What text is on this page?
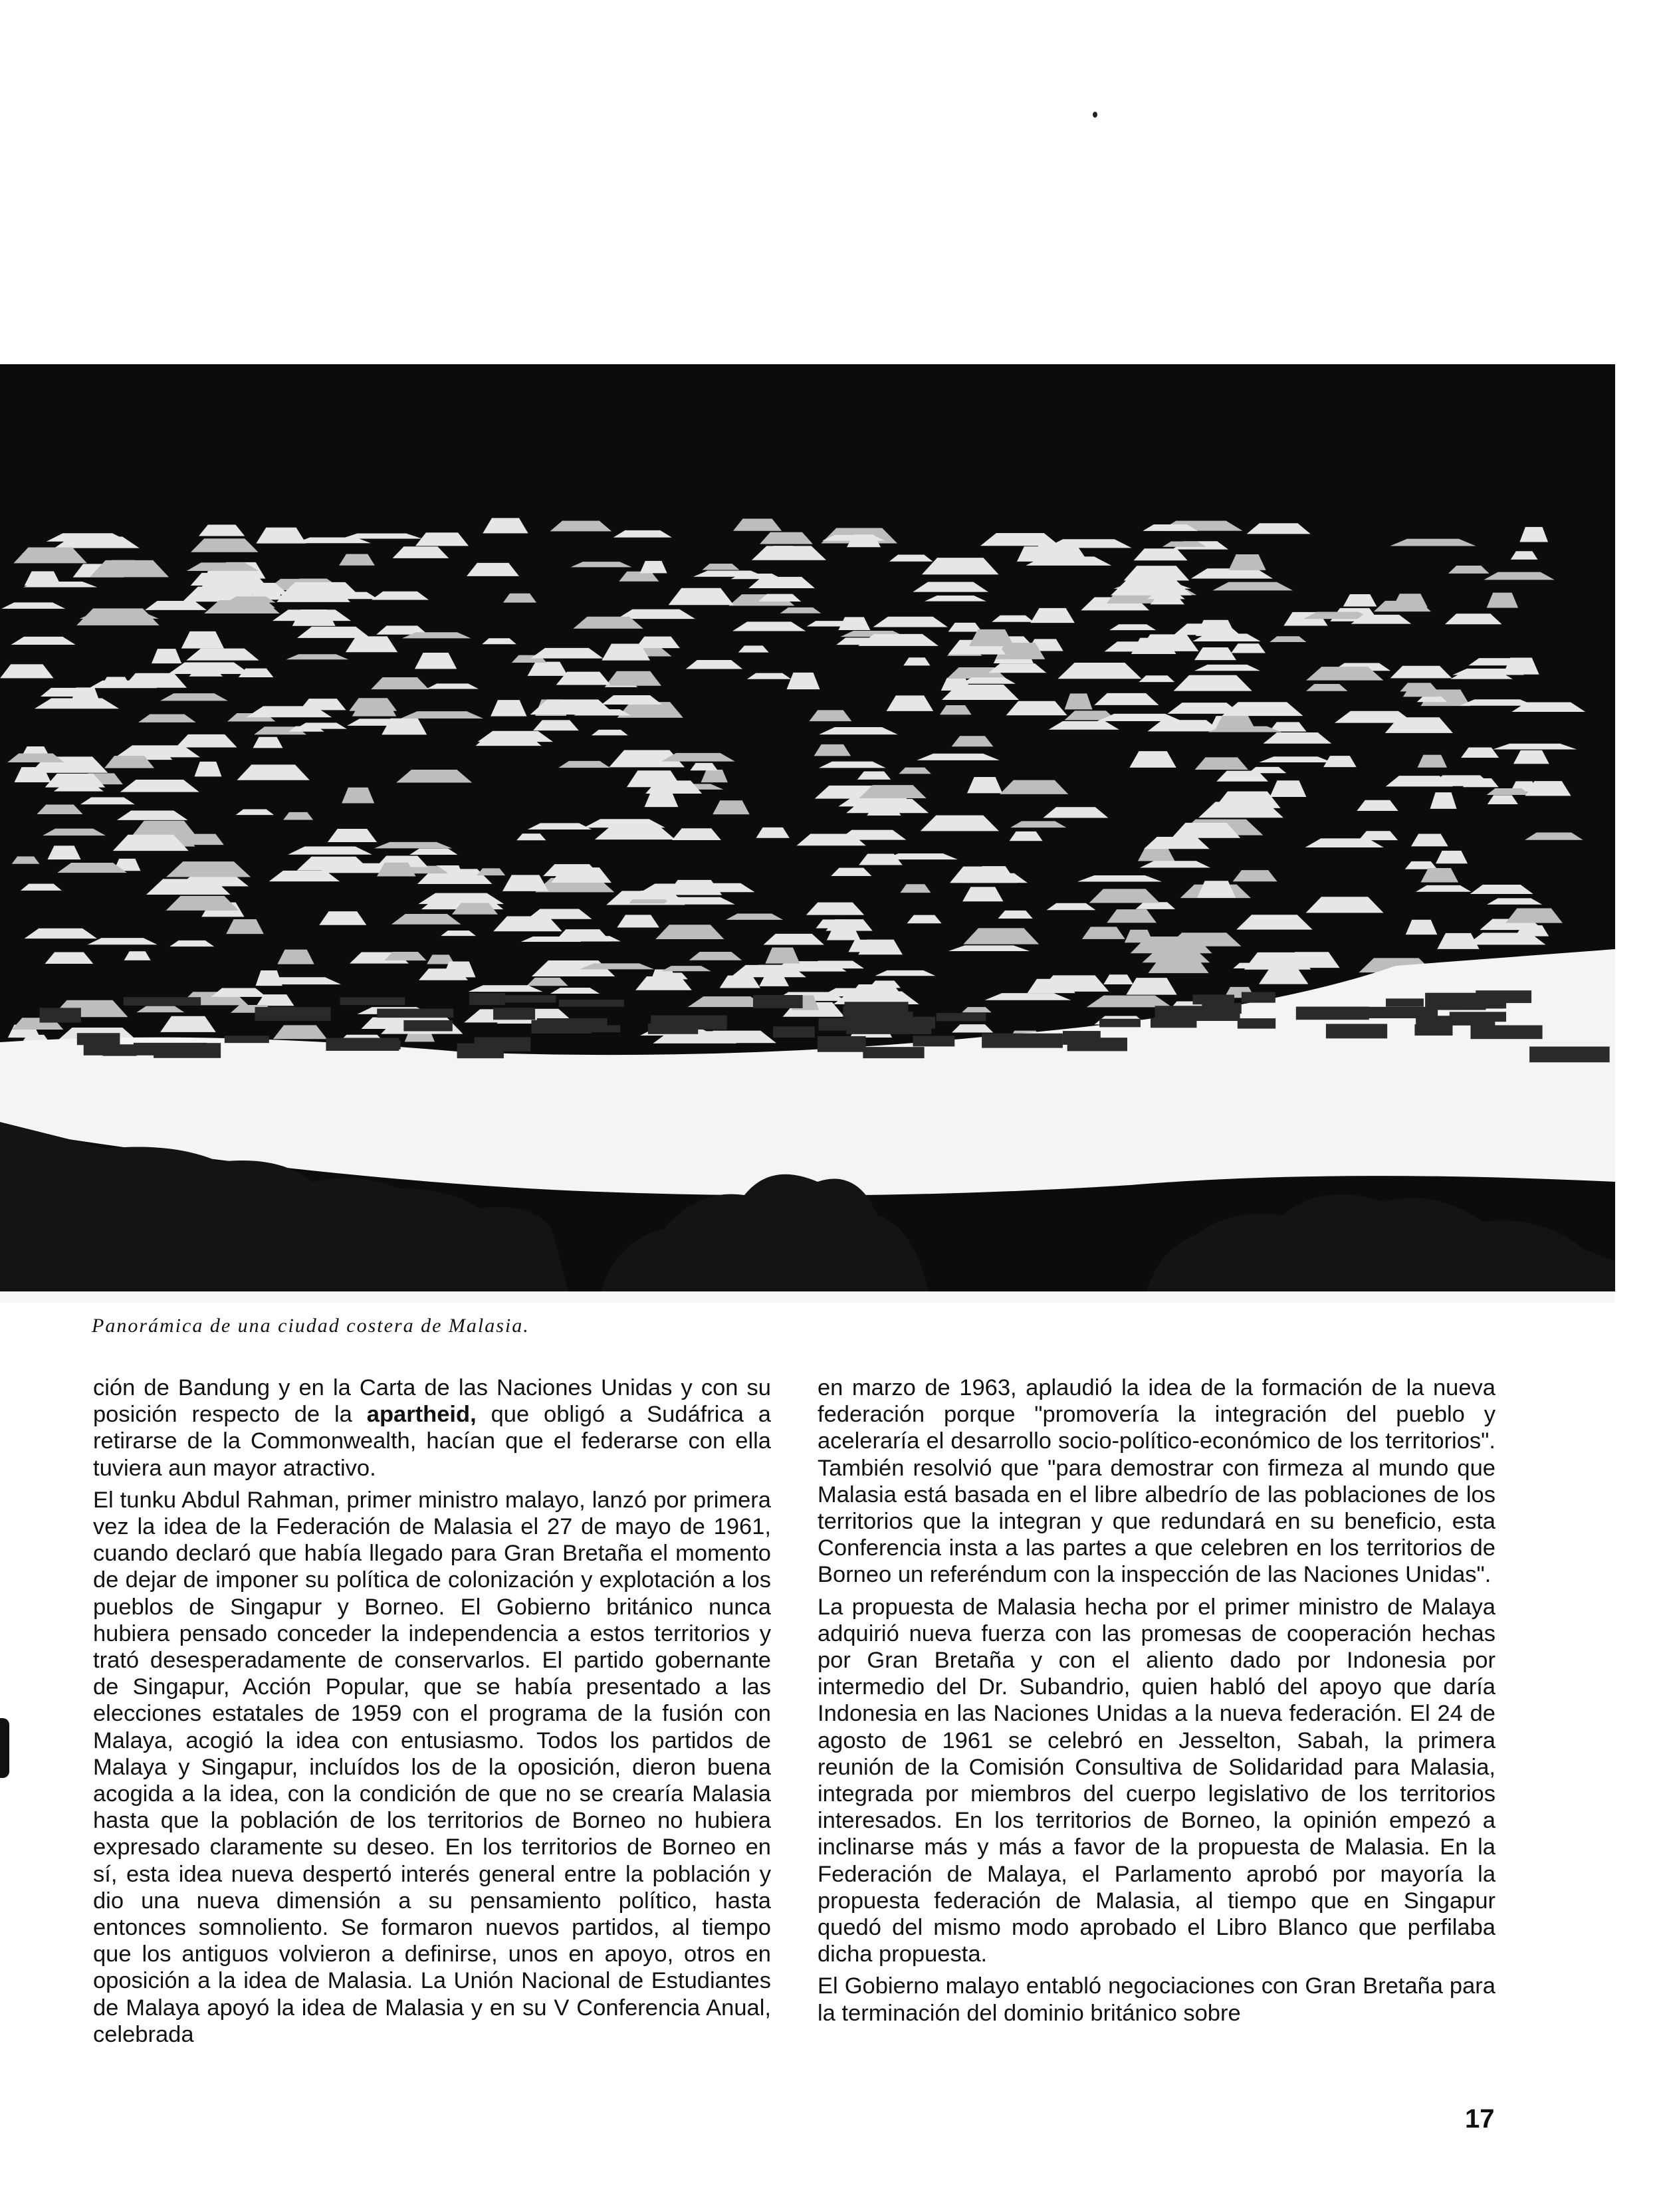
Panorámica de una ciudad costera de Malasia.

ción de Bandung y en la Carta de las Naciones Unidas y con su posición respecto de la apartheid, que obligó a Sudáfrica a retirarse de la Commonwealth, hacían que el federarse con ella tuviera aun mayor atractivo.

El tunku Abdul Rahman, primer ministro malayo, lanzó por primera vez la idea de la Federación de Malasia el 27 de mayo de 1961, cuando declaró que había llegado para Gran Bretaña el momento de dejar de imponer su política de colonización y explotación a los pueblos de Singapur y Borneo. El Gobierno británico nunca hubiera pensado conceder la independencia a estos territorios y trató desesperadamente de conservarlos. El partido gobernante de Singapur, Acción Popular, que se había presentado a las elecciones estatales de 1959 con el programa de la fusión con Malaya, acogió la idea con entusiasmo. Todos los partidos de Malaya y Singapur, incluídos los de la oposición, dieron buena acogida a la idea, con la condición de que no se crearía Malasia hasta que la población de los territorios de Borneo no hubiera expresado claramente su deseo. En los territorios de Borneo en sí, esta idea nueva despertó interés general entre la población y dio una nueva dimensión a su pensamiento político, hasta entonces somnoliento. Se formaron nuevos partidos, al tiempo que los antiguos volvieron a definirse, unos en apoyo, otros en oposición a la idea de Malasia. La Unión Nacional de Estudiantes de Malaya apoyó la idea de Malasia y en su V Conferencia Anual, celebrada

en marzo de 1963, aplaudió la idea de la formación de la nueva federación porque "promovería la integración del pueblo y aceleraría el desarrollo socio-político-económico de los territorios". También resolvió que "para demostrar con firmeza al mundo que Malasia está basada en el libre albedrío de las poblaciones de los territorios que la integran y que redundará en su beneficio, esta Conferencia insta a las partes a que celebren en los territorios de Borneo un referéndum con la inspección de las Naciones Unidas".

La propuesta de Malasia hecha por el primer ministro de Malaya adquirió nueva fuerza con las promesas de cooperación hechas por Gran Bretaña y con el aliento dado por Indonesia por intermedio del Dr. Subandrio, quien habló del apoyo que daría Indonesia en las Naciones Unidas a la nueva federación. El 24 de agosto de 1961 se celebró en Jesselton, Sabah, la primera reunión de la Comisión Consultiva de Solidaridad para Malasia, integrada por miembros del cuerpo legislativo de los territorios interesados. En los territorios de Borneo, la opinión empezó a inclinarse más y más a favor de la propuesta de Malasia. En la Federación de Malaya, el Parlamento aprobó por mayoría la propuesta federación de Malasia, al tiempo que en Singapur quedó del mismo modo aprobado el Libro Blanco que perfilaba dicha propuesta.

El Gobierno malayo entabló negociaciones con Gran Bretaña para la terminación del dominio británico sobre

17
